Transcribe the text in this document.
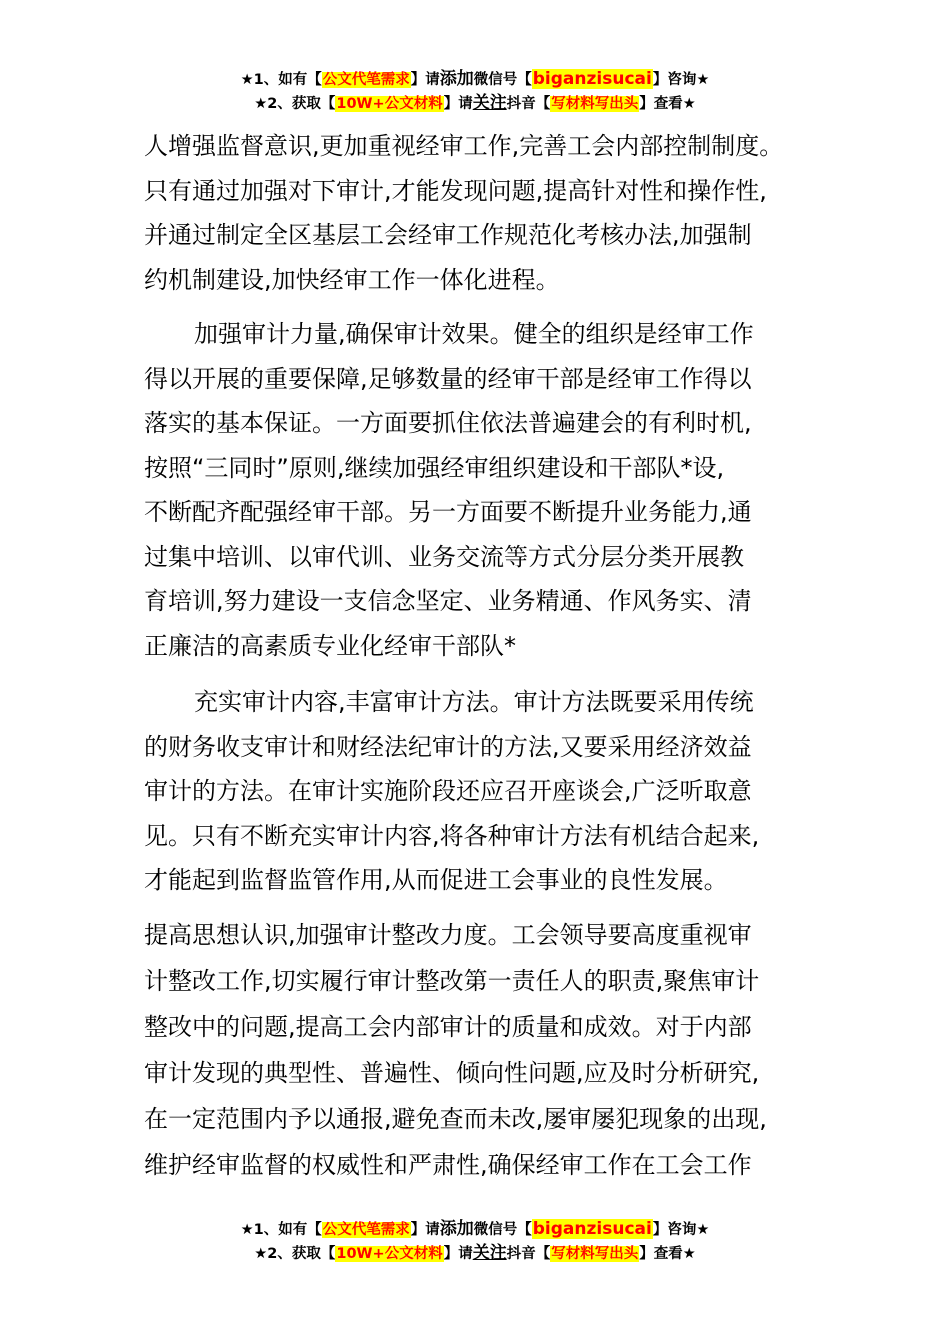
★1、如有【公文代笔需求】请添加微信号【biganzisucai】咨询★
★2、获取【10W+公文材料】请关注抖音【写材料写出头】查看★
人增强监督意识,更加重视经审工作,完善工会内部控制制度。
只有通过加强对下审计,才能发现问题,提高针对性和操作性,
并通过制定全区基层工会经审工作规范化考核办法,加强制
约机制建设,加快经审工作一体化进程。
加强审计力量,确保审计效果。健全的组织是经审工作
得以开展的重要保障,足够数量的经审干部是经审工作得以
落实的基本保证。一方面要抓住依法普遍建会的有利时机,
按照“三同时”原则,继续加强经审组织建设和干部队*设,
不断配齐配强经审干部。另一方面要不断提升业务能力,通
过集中培训、以审代训、业务交流等方式分层分类开展教
育培训,努力建设一支信念坚定、业务精通、作风务实、清
正廉洁的高素质专业化经审干部队*
充实审计内容,丰富审计方法。审计方法既要采用传统
的财务收支审计和财经法纪审计的方法,又要采用经济效益
审计的方法。在审计实施阶段还应召开座谈会,广泛听取意
见。只有不断充实审计内容,将各种审计方法有机结合起来,
才能起到监督监管作用,从而促进工会事业的良性发展。
提高思想认识,加强审计整改力度。工会领导要高度重视审
计整改工作,切实履行审计整改第一责任人的职责,聚焦审计
整改中的问题,提高工会内部审计的质量和成效。对于内部
审计发现的典型性、普遍性、倾向性问题,应及时分析研究,
在一定范围内予以通报,避免查而未改,屡审屡犯现象的出现,
维护经审监督的权威性和严肃性,确保经审工作在工会工作
★1、如有【公文代笔需求】请添加微信号【biganzisucai】咨询★
★2、获取【10W+公文材料】请关注抖音【写材料写出头】查看★
